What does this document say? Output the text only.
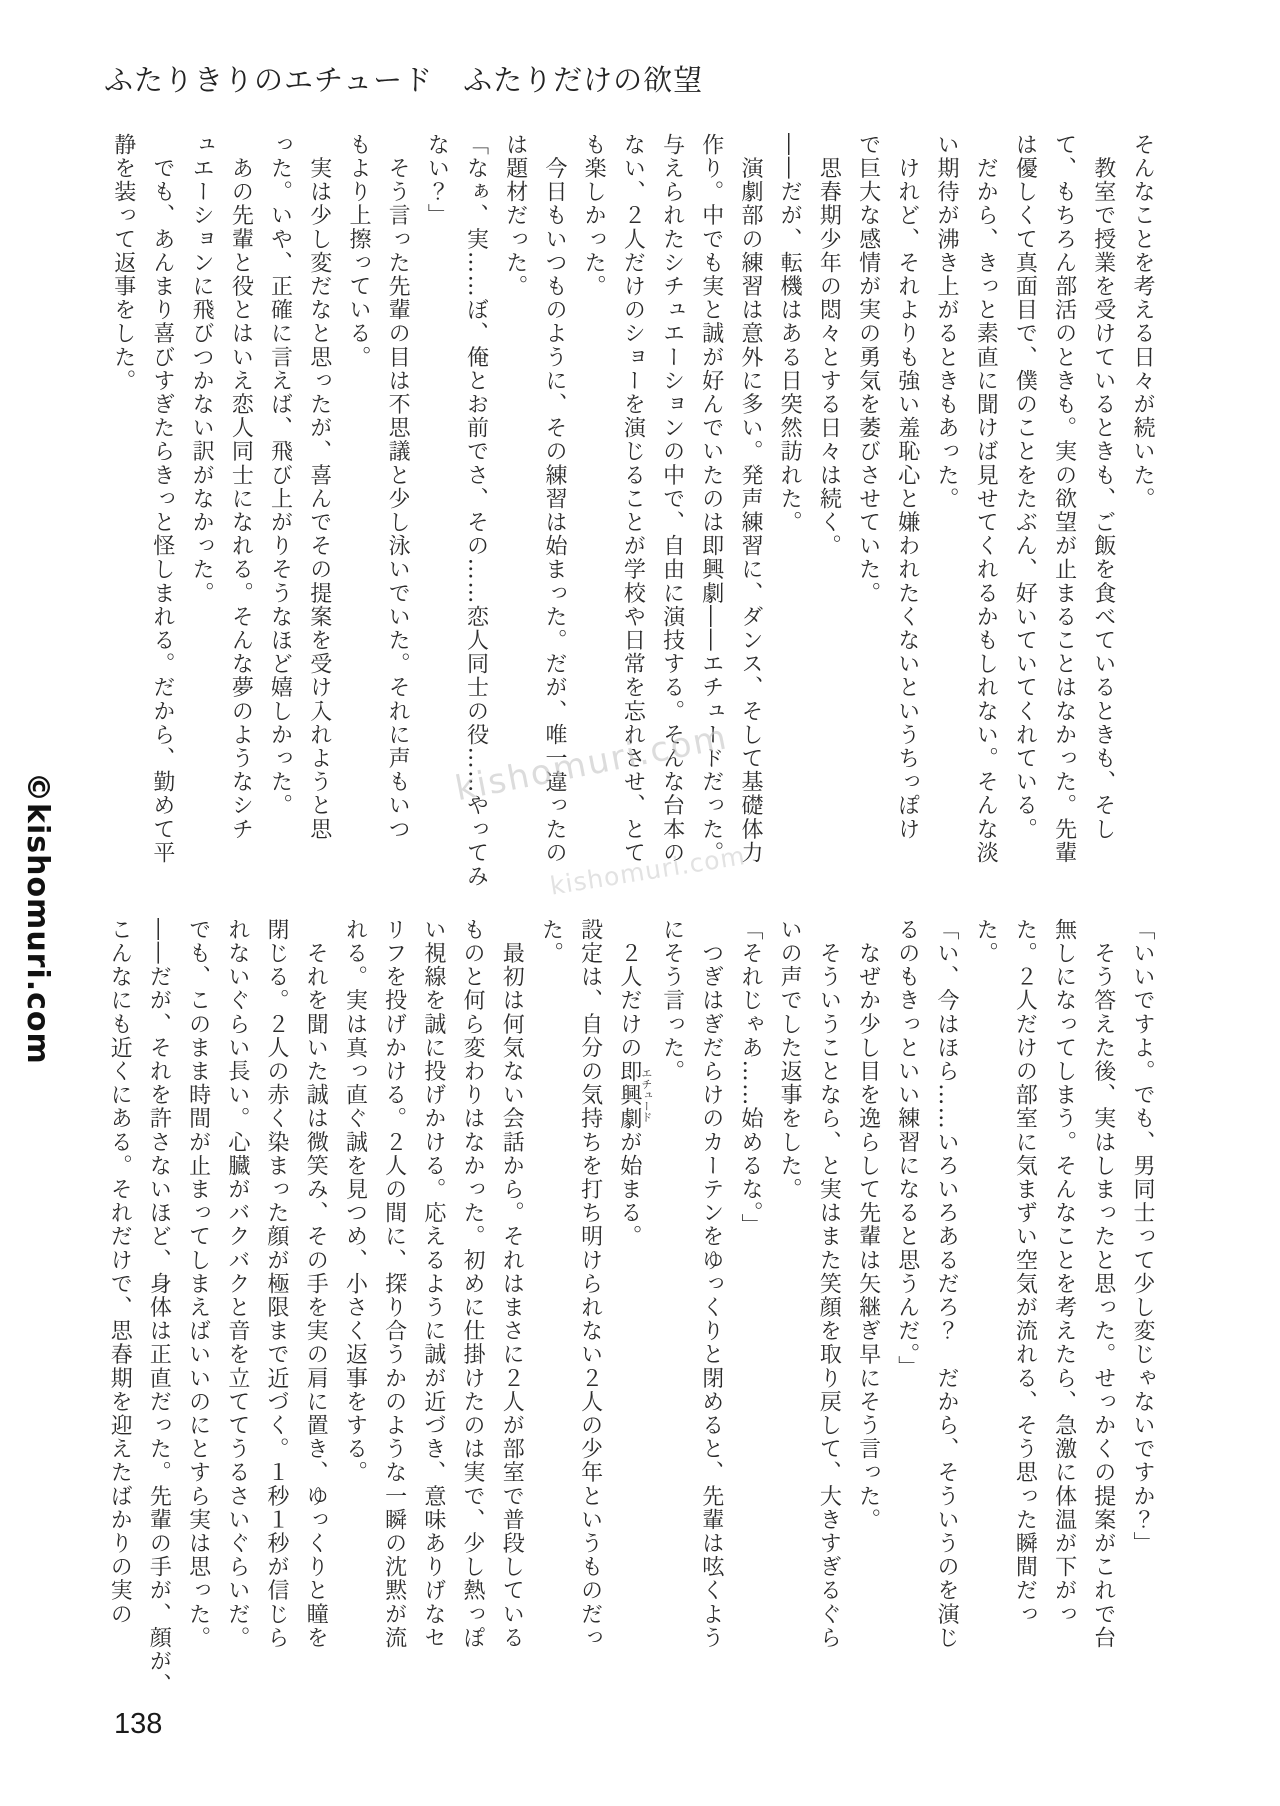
ふたりきりのエチュード　ふたりだけの欲望
そんなことを考える日々が続いた。
　教室で授業を受けているときも、ご飯を食べているときも、そし
て、もちろん部活のときも。実の欲望が止まることはなかった。先輩
は優しくて真面目で、僕のことをたぶん、好いていてくれている。
　だから、きっと素直に聞けば見せてくれるかもしれない。そんな淡
い期待が沸き上がるときもあった。
　けれど、それよりも強い羞恥心と嫌われたくないというちっぽけ
で巨大な感情が実の勇気を萎びさせていた。
　思春期少年の悶々とする日々は続く。
――だが、転機はある日突然訪れた。
　演劇部の練習は意外に多い。発声練習に、ダンス、そして基礎体力
作り。中でも実と誠が好んでいたのは即興劇――エチュードだった。
与えられたシチュエーションの中で、自由に演技する。そんな台本の
ない、２人だけのショーを演じることが学校や日常を忘れさせ、とて
も楽しかった。
　今日もいつものように、その練習は始まった。だが、唯一違ったの
は題材だった。
「なぁ、実……ぼ、俺とお前でさ、その……恋人同士の役……やってみ
ない？」
　そう言った先輩の目は不思議と少し泳いでいた。それに声もいつ
もより上擦っている。
　実は少し変だなと思ったが、喜んでその提案を受け入れようと思
った。いや、正確に言えば、飛び上がりそうなほど嬉しかった。
　あの先輩と役とはいえ恋人同士になれる。そんな夢のようなシチ
ュエーションに飛びつかない訳がなかった。
　でも、あんまり喜びすぎたらきっと怪しまれる。だから、勤めて平
静を装って返事をした。
「いいですよ。でも、男同士って少し変じゃないですか？」
　そう答えた後、実はしまったと思った。せっかくの提案がこれで台
無しになってしまう。そんなことを考えたら、急激に体温が下がっ
た。２人だけの部室に気まずい空気が流れる、そう思った瞬間だっ
た。
「い、今はほら……いろいろあるだろ？　だから、そういうのを演じ
るのもきっといい練習になると思うんだ。」
　なぜか少し目を逸らして先輩は矢継ぎ早にそう言った。
　そういうことなら、と実はまた笑顔を取り戻して、大きすぎるぐら
いの声でした返事をした。
「それじゃあ……始めるな。」
　つぎはぎだらけのカーテンをゆっくりと閉めると、先輩は呟くよう
にそう言った。
　２人だけの即興劇エチュードが始まる。
設定は、自分の気持ちを打ち明けられない２人の少年というものだっ
た。
　最初は何気ない会話から。それはまさに２人が部室で普段している
ものと何ら変わりはなかった。初めに仕掛けたのは実で、少し熱っぽ
い視線を誠に投げかける。応えるように誠が近づき、意味ありげなセ
リフを投げかける。２人の間に、探り合うかのような一瞬の沈黙が流
れる。実は真っ直ぐ誠を見つめ、小さく返事をする。
　それを聞いた誠は微笑み、その手を実の肩に置き、ゆっくりと瞳を
閉じる。２人の赤く染まった顔が極限まで近づく。１秒１秒が信じら
れないぐらい長い。心臓がバクバクと音を立ててうるさいぐらいだ。
でも、このまま時間が止まってしまえばいいのにとすら実は思った。
――だが、それを許さないほど、身体は正直だった。先輩の手が、顔が、
こんなにも近くにある。それだけで、思春期を迎えたばかりの実の
©kishomuri.com
kishomuri.com
kishomuri.com
138
